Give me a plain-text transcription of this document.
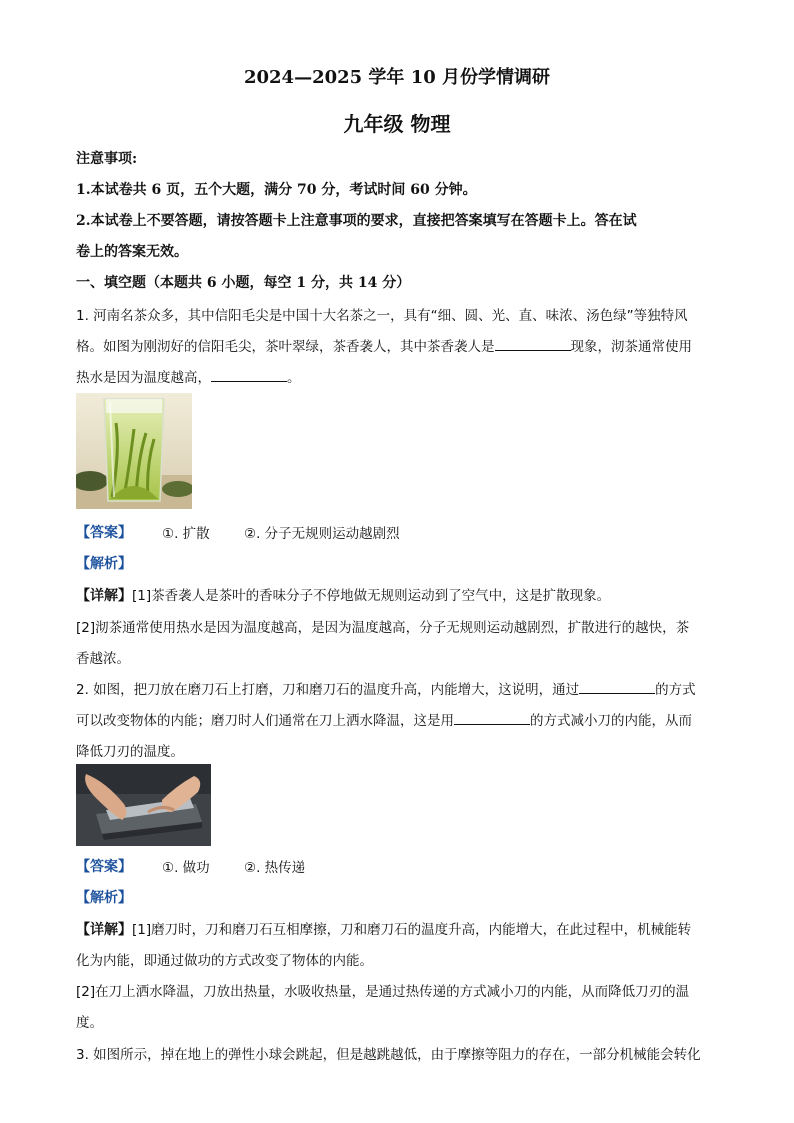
2024—2025 学年 10 月份学情调研
九年级 物理
注意事项:
1.本试卷共 6 页，五个大题，满分 70 分，考试时间 60 分钟。
2.本试卷上不要答题，请按答题卡上注意事项的要求，直接把答案填写在答题卡上。答在试
卷上的答案无效。
一、填空题（本题共 6 小题，每空 1 分，共 14 分）
1. 河南名茶众多，其中信阳毛尖是中国十大名茶之一，具有“细、圆、光、直、味浓、汤色绿”等独特风
格。如图为刚沏好的信阳毛尖，茶叶翠绿，茶香袭人，其中茶香袭人是	现象，沏茶通常使用
热水是因为温度越高，	。
【答案】 ①. 扩散	②. 分子无规则运动越剧烈
【解析】
【详解】[1]茶香袭人是茶叶的香味分子不停地做无规则运动到了空气中，这是扩散现象。
[2]沏茶通常使用热水是因为温度越高，是因为温度越高，分子无规则运动越剧烈，扩散进行的越快，茶
香越浓。
2. 如图，把刀放在磨刀石上打磨，刀和磨刀石的温度升高，内能增大，这说明，通过	的方式
可以改变物体的内能；磨刀时人们通常在刀上洒水降温，这是用	的方式减小刀的内能，从而
降低刀刃的温度。
【答案】 ①. 做功	②. 热传递
【解析】
【详解】[1]磨刀时，刀和磨刀石互相摩擦，刀和磨刀石的温度升高，内能增大，在此过程中，机械能转
化为内能，即通过做功的方式改变了物体的内能。
[2]在刀上洒水降温，刀放出热量，水吸收热量，是通过热传递的方式减小刀的内能，从而降低刀刃的温
度。
3. 如图所示，掉在地上的弹性小球会跳起，但是越跳越低，由于摩擦等阻力的存在，一部分机械能会转化
